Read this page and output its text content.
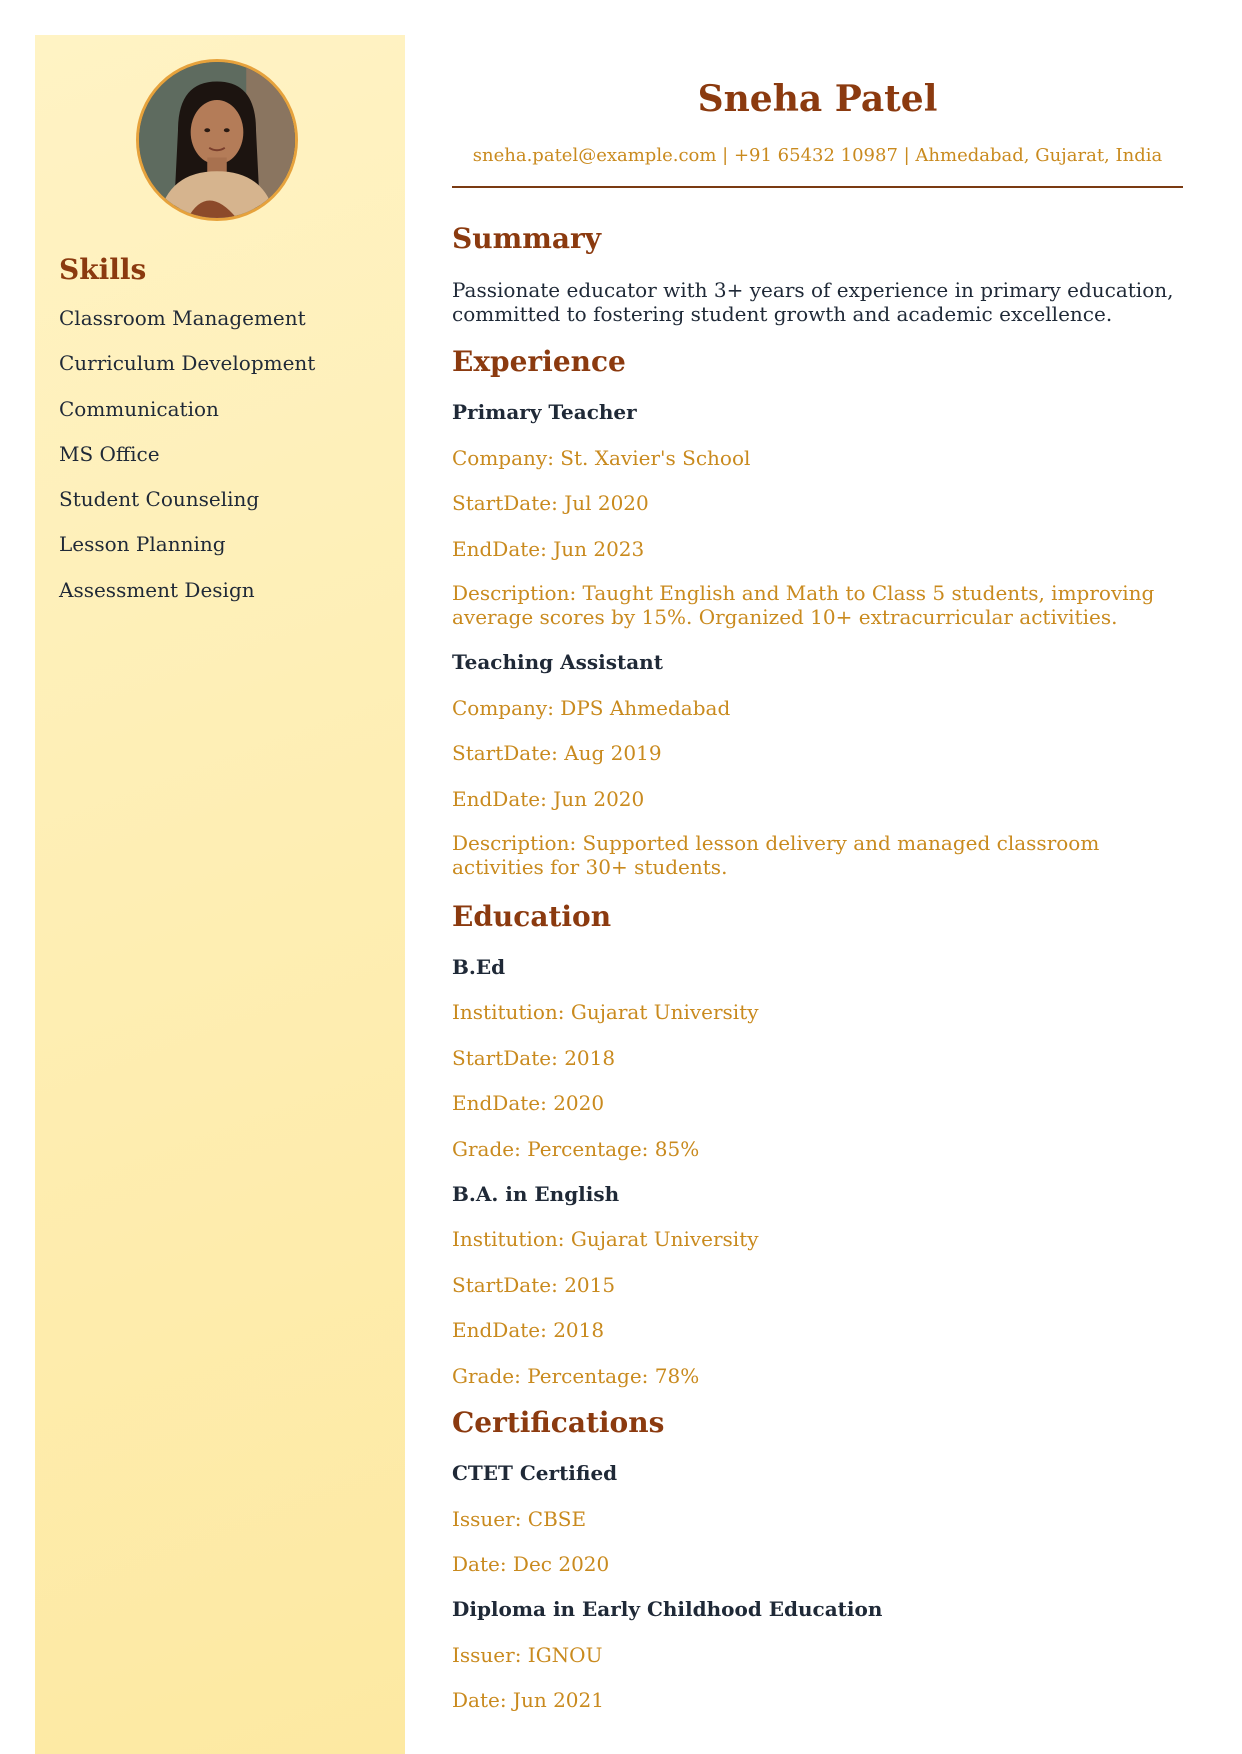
Skills
Classroom Management
Curriculum Development
Communication
MS Office
Student Counseling
Lesson Planning
Assessment Design
Sneha Patel
sneha.patel@example.com | +91 65432 10987 | Ahmedabad, Gujarat, India
Summary
Passionate educator with 3+ years of experience in primary education, committed to fostering student growth and academic excellence.
Experience
Primary Teacher
Company: St. Xavier's School
StartDate: Jul 2020
EndDate: Jun 2023
Description: Taught English and Math to Class 5 students, improving average scores by 15%. Organized 10+ extracurricular activities.
Teaching Assistant
Company: DPS Ahmedabad
StartDate: Aug 2019
EndDate: Jun 2020
Description: Supported lesson delivery and managed classroom activities for 30+ students.
Education
B.Ed
Institution: Gujarat University
StartDate: 2018
EndDate: 2020
Grade: Percentage: 85%
B.A. in English
Institution: Gujarat University
StartDate: 2015
EndDate: 2018
Grade: Percentage: 78%
Certifications
CTET Certified
Issuer: CBSE
Date: Dec 2020
Diploma in Early Childhood Education
Issuer: IGNOU
Date: Jun 2021
